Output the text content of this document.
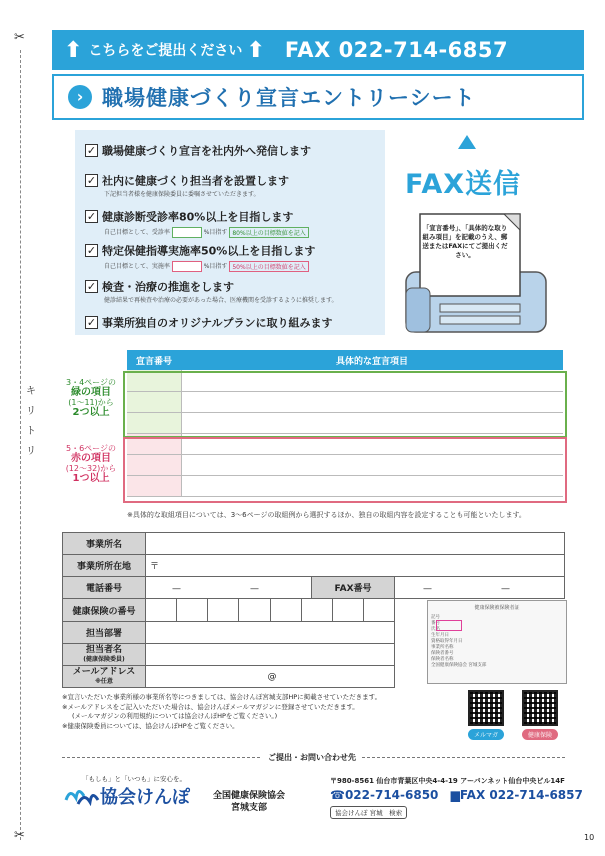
✂
✂
キ
リ
ト
リ
⬆ こちらをご提出ください ⬆ FAX 022-714-6857
› 職場健康づくり宣言エントリーシート
✓ 職場健康づくり宣言を社内外へ発信します
✓ 社内に健康づくり担当者を設置します
下記担当者様を健康保険委員に委嘱させていただきます。
✓ 健康診断受診率80%以上を目指します
自己目標として、受診率	%目指す 80%以上の目標数値を記入
✓ 特定保健指導実施率50%以上を目指します
自己目標として、実施率	%目指す 50%以上の目標数値を記入
✓ 検査・治療の推進をします
健診結果で再検査や治療の必要があった場合、医療機関を受診するように推奨します。
✓ 事業所独自のオリジナルプランに取り組みます
FAX送信
「宣言番号」、「具体的な取り組み項目」を記載のうえ、郵送またはFAXにてご提出ください。
宣言番号	具体的な宣言項目

3・4ページの
緑の項目
(1〜11)から
2つ以上
5・6ページの
赤の項目
(12〜32)から
1つ以上
※具体的な取組項目については、3〜6ページの取組例から選択するほか、独自の取組内容を設定することも可能といたします。
事業所名			
事業所所在地	〒		
電話番号	—　—	FAX番号	—　—
健康保険の番号		

担当部署			
担当者名
(健康保険委員)			
メールアドレス
※任意	@		
健康保険被保険者証
記号
番号
氏名
生年月日
資格取得年月日
事業所名称
保険者番号
保険者名称
全国健康保険協会 宮城支部
※宣言いただいた事業所様の事業所名等につきましては、協会けんぽ宮城支部HPに掲載させていただきます。
※メールアドレスをご記入いただいた場合は、協会けんぽメールマガジンに登録させていただきます。
(メールマガジンの利用規約については協会けんぽHPをご覧ください。)
※健康保険委員については、協会けんぽHPをご覧ください。
メルマガ	健康保険
ご提出・お問い合わせ先
「もしも」と「いつも」に安心を。
協会けんぽ	全国健康保険協会
宮城支部
〒980-8561 仙台市青葉区中央4-4-19 アーバンネット仙台中央ビル14F
☎022-714-6850 ▆FAX 022-714-6857
協会けんぽ 宮城　検索
10
